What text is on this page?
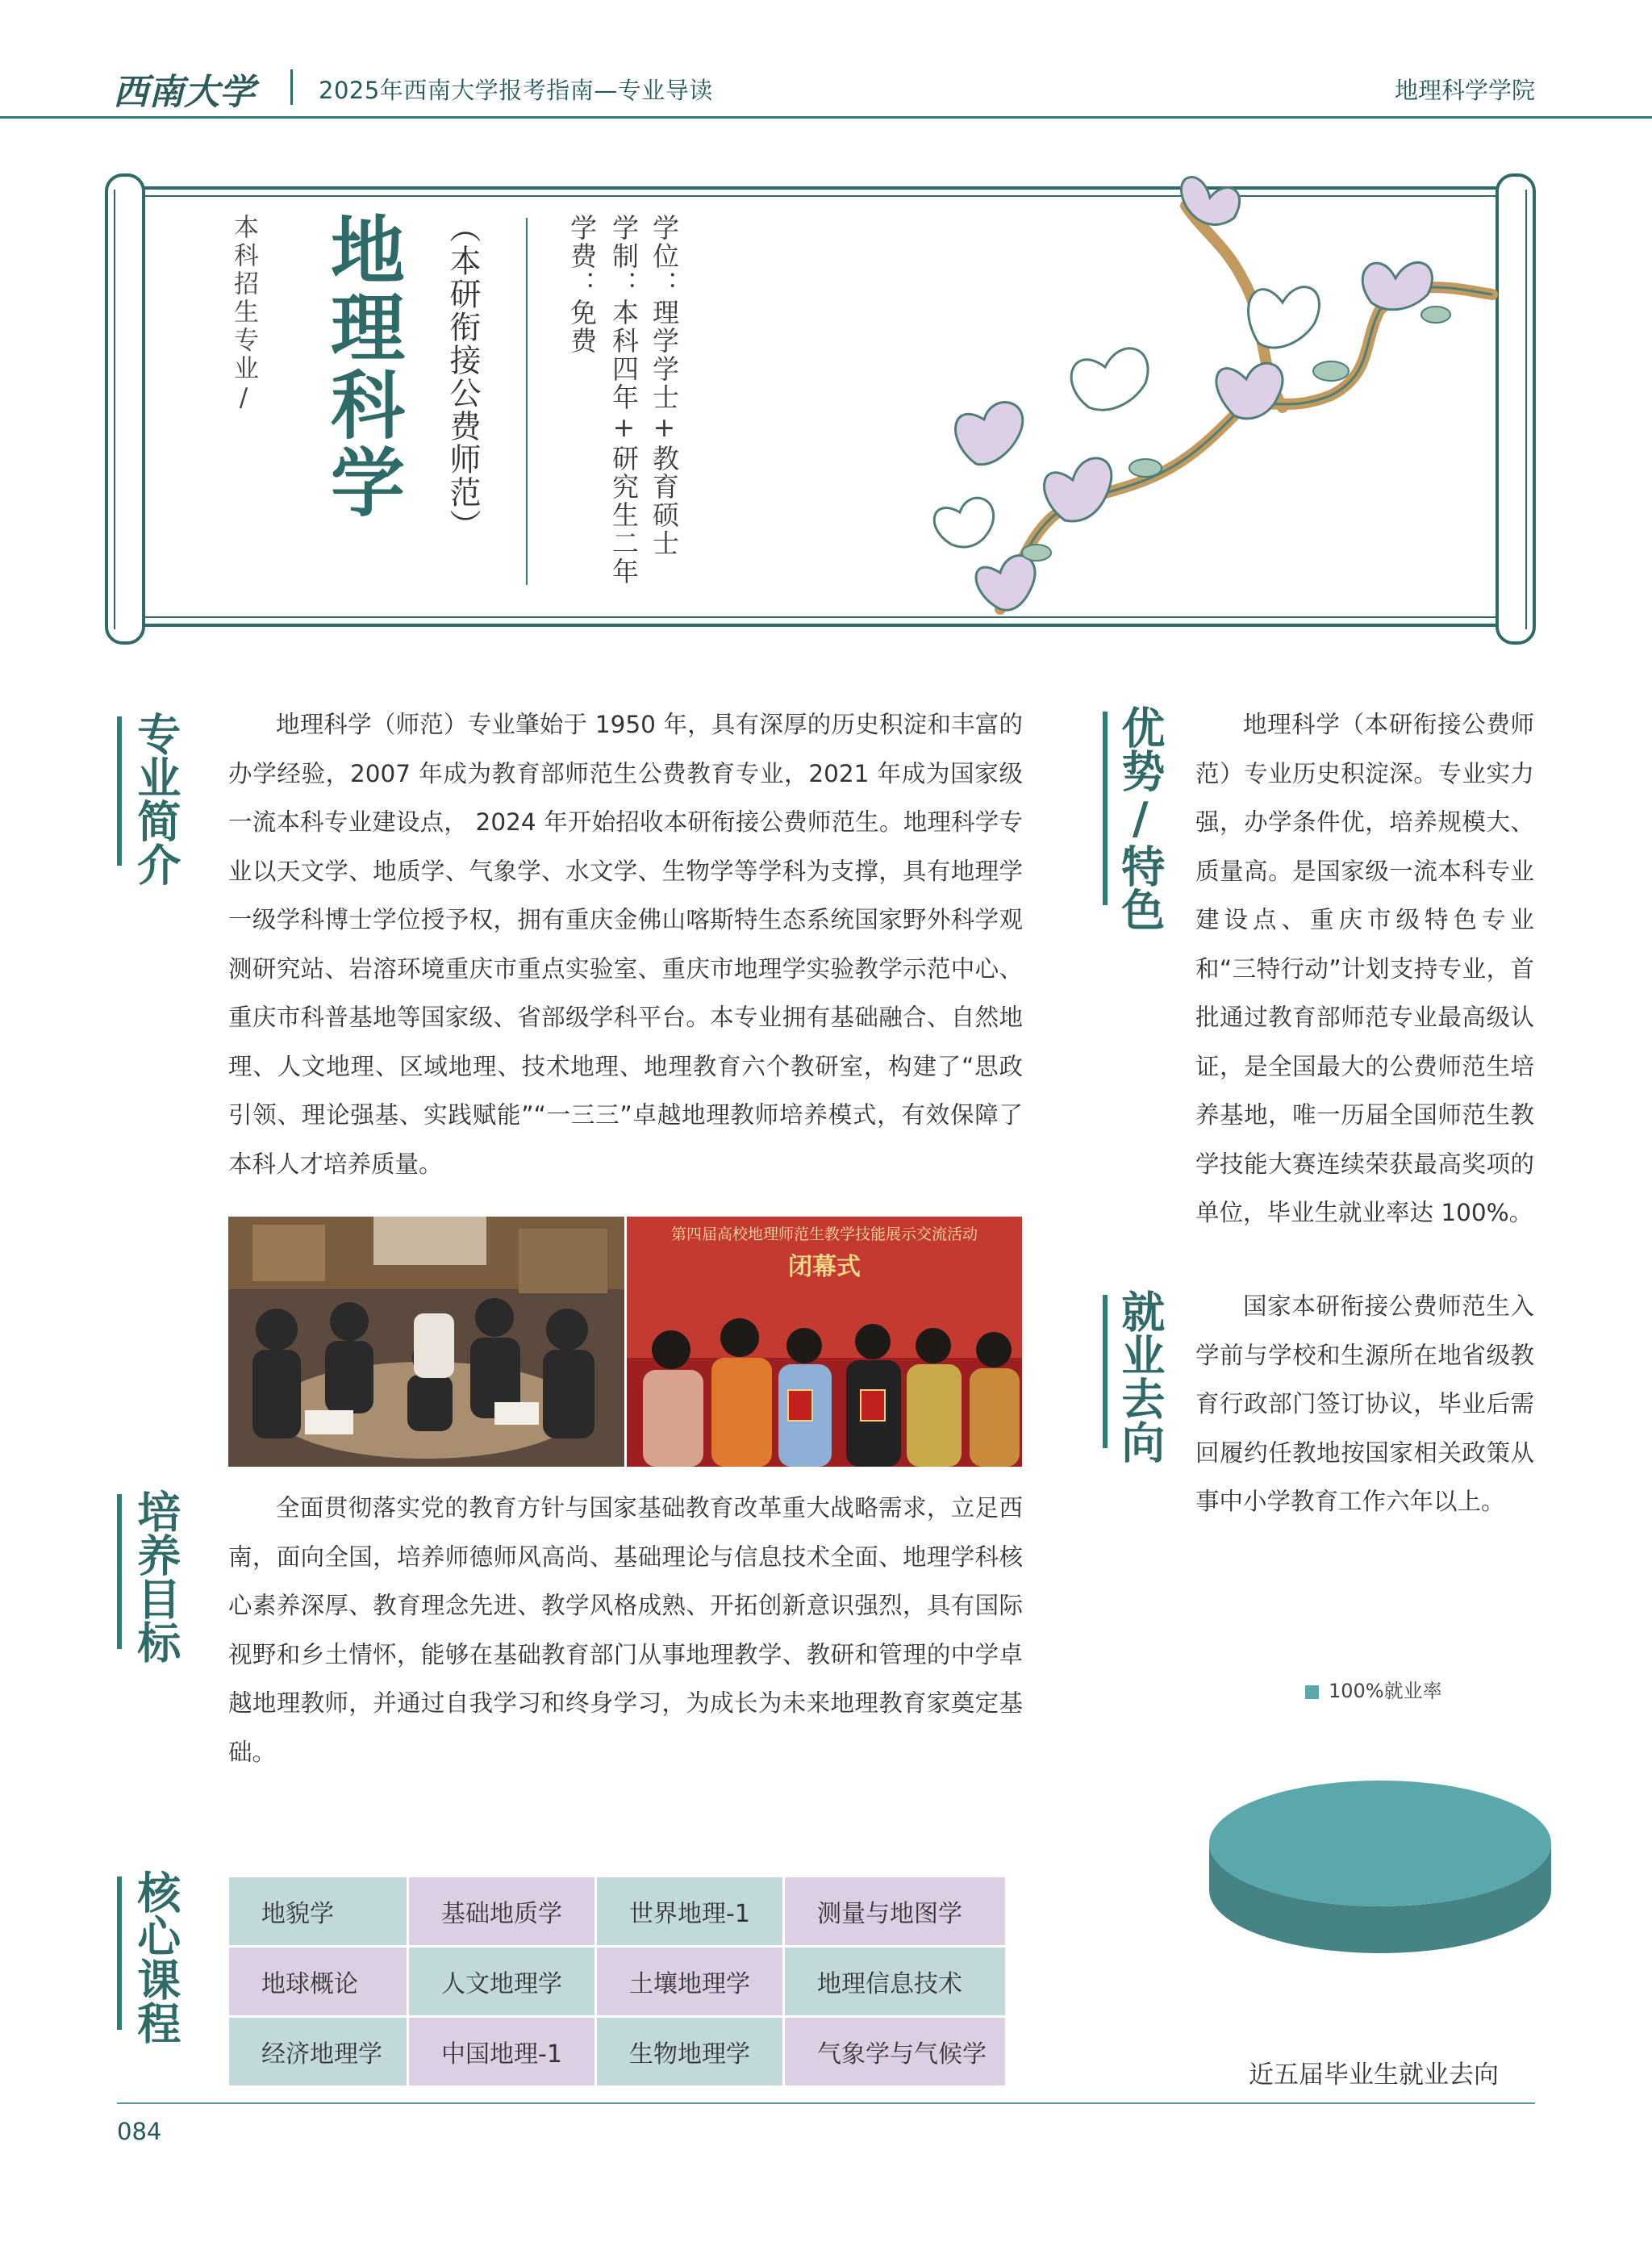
西南大学	2025年西南大学报考指南—专业导读	地理科学学院
本科招生专业/ 地理科学	（本研衔接公费师范）	学位：理学学士+教育硕士
学制：本科四年+研究生二年
学费：免费
专业简介	地理科学（师范）专业肇始于 1950 年，具有深厚的历史积淀和丰富的办学经验，2007 年成为教育部师范生公费教育专业，2021 年成为国家级一流本科专业建设点， 2024 年开始招收本研衔接公费师范生。地理科学专业以天文学、地质学、气象学、水文学、生物学等学科为支撑，具有地理学一级学科博士学位授予权，拥有重庆金佛山喀斯特生态系统国家野外科学观测研究站、岩溶环境重庆市重点实验室、重庆市地理学实验教学示范中心、重庆市科普基地等国家级、省部级学科平台。本专业拥有基础融合、自然地理、人文地理、区域地理、技术地理、地理教育六个教研室，构建了“思政引领、理论强基、实践赋能”“一三三”卓越地理教师培养模式，有效保障了本科人才培养质量。

第四届高校地理师范生教学技能展示交流活动
闭幕式
培养目标	全面贯彻落实党的教育方针与国家基础教育改革重大战略需求，立足西南，面向全国，培养师德师风高尚、基础理论与信息技术全面、地理学科核心素养深厚、教育理念先进、教学风格成熟、开拓创新意识强烈，具有国际视野和乡土情怀，能够在基础教育部门从事地理教学、教研和管理的中学卓越地理教师，并通过自我学习和终身学习，为成长为未来地理教育家奠定基础。

核心课程	地貌学	基础地质学	世界地理-1	测量与地图学
地球概论	人文地理学	土壤地理学	地理信息技术
经济地理学	中国地理-1	生物地理学	气象学与气候学
优势/特色	地理科学（本研衔接公费师范）专业历史积淀深。专业实力强，办学条件优，培养规模大、质量高。是国家级一流本科专业建设点、重庆市级特色专业和“三特行动”计划支持专业，首批通过教育部师范专业最高级认证，是全国最大的公费师范生培养基地，唯一历届全国师范生教学技能大赛连续荣获最高奖项的单位，毕业生就业率达 100%。

就业去向	国家本研衔接公费师范生入学前与学校和生源所在地省级教育行政部门签订协议，毕业后需回履约任教地按国家相关政策从事中小学教育工作六年以上。

100%就业率
近五届毕业生就业去向
084
